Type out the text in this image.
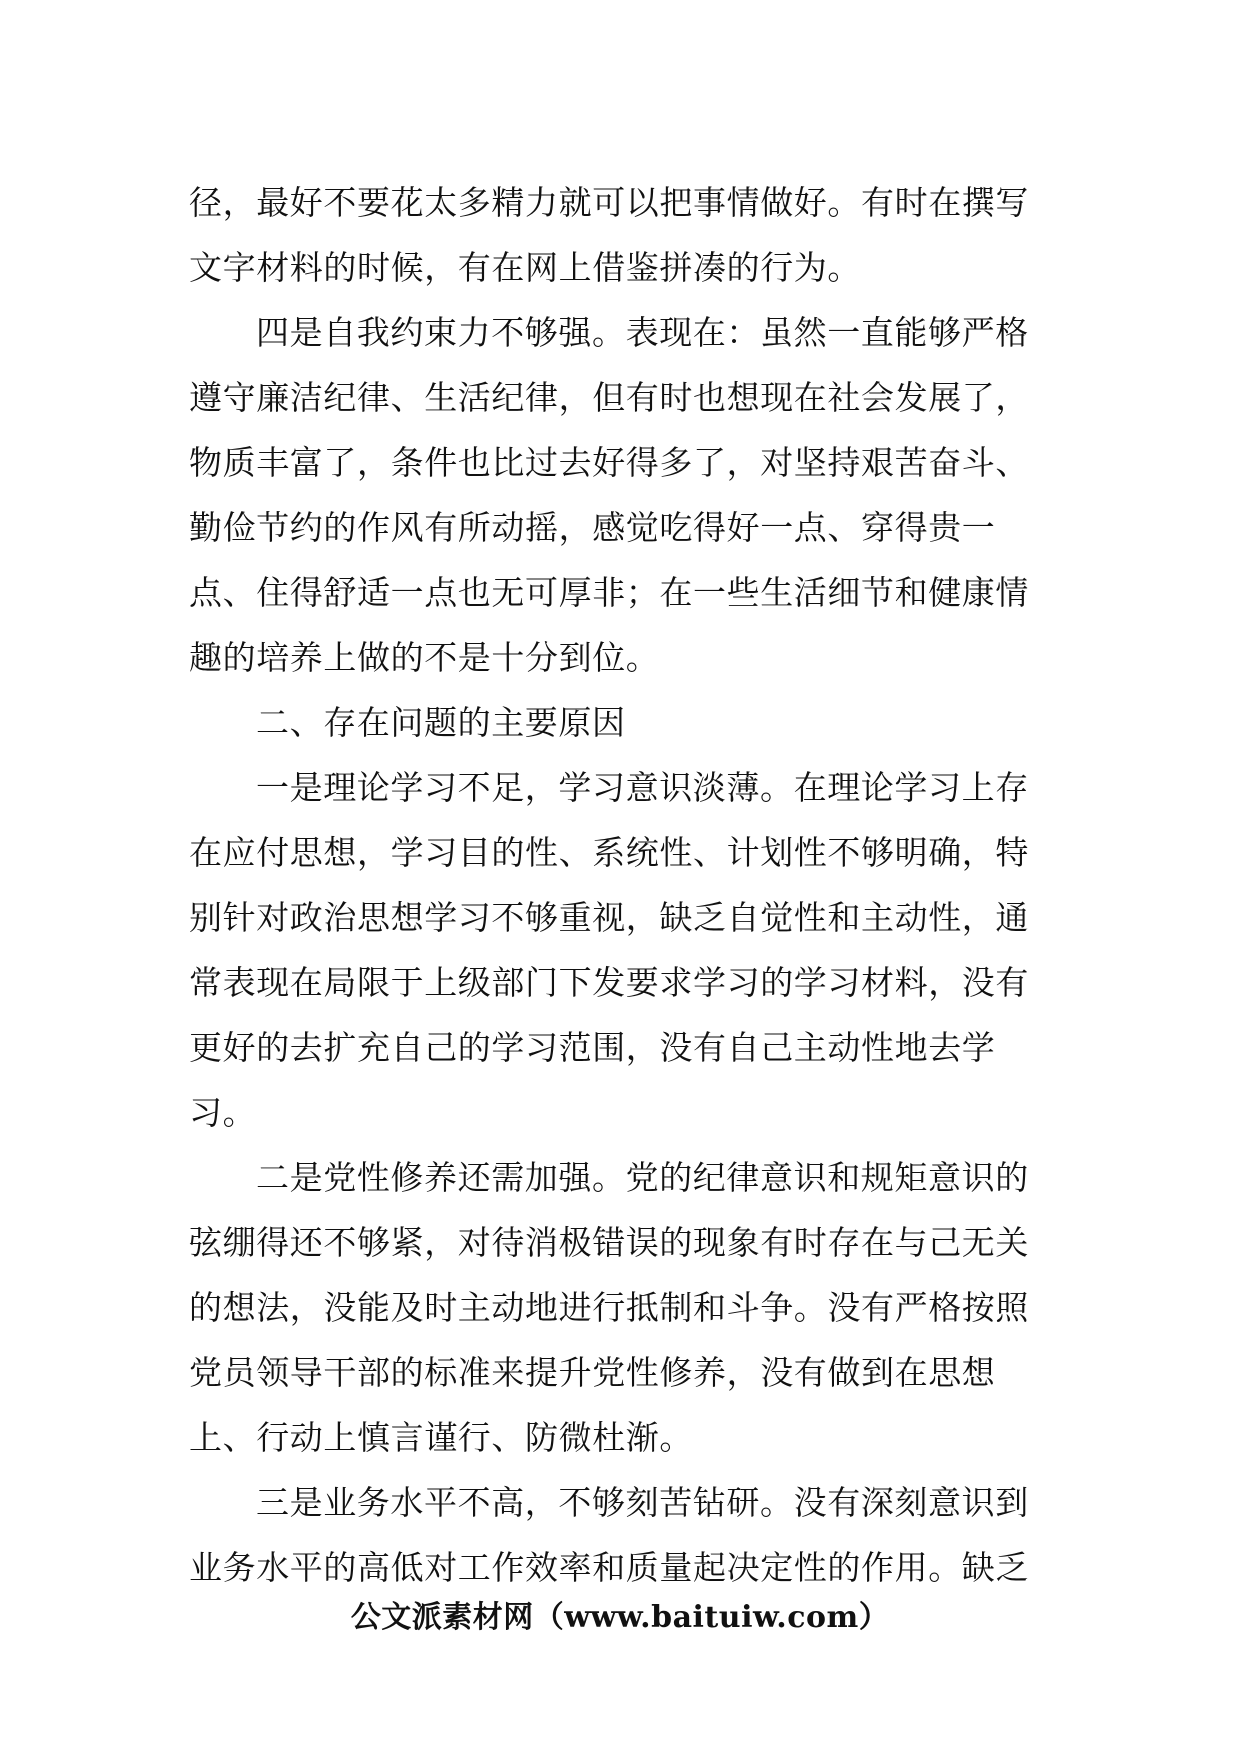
径，最好不要花太多精力就可以把事情做好。有时在撰写
文字材料的时候，有在网上借鉴拼凑的行为。
四是自我约束力不够强。表现在：虽然一直能够严格
遵守廉洁纪律、生活纪律，但有时也想现在社会发展了，
物质丰富了，条件也比过去好得多了，对坚持艰苦奋斗、
勤俭节约的作风有所动摇，感觉吃得好一点、穿得贵一
点、住得舒适一点也无可厚非；在一些生活细节和健康情
趣的培养上做的不是十分到位。
二、存在问题的主要原因
一是理论学习不足，学习意识淡薄。在理论学习上存
在应付思想，学习目的性、系统性、计划性不够明确，特
别针对政治思想学习不够重视，缺乏自觉性和主动性，通
常表现在局限于上级部门下发要求学习的学习材料，没有
更好的去扩充自己的学习范围，没有自己主动性地去学
习。
二是党性修养还需加强。党的纪律意识和规矩意识的
弦绷得还不够紧，对待消极错误的现象有时存在与己无关
的想法，没能及时主动地进行抵制和斗争。没有严格按照
党员领导干部的标准来提升党性修养，没有做到在思想
上、行动上慎言谨行、防微杜渐。
三是业务水平不高，不够刻苦钻研。没有深刻意识到
业务水平的高低对工作效率和质量起决定性的作用。缺乏
公文派素材网（www.baituiw.com）
